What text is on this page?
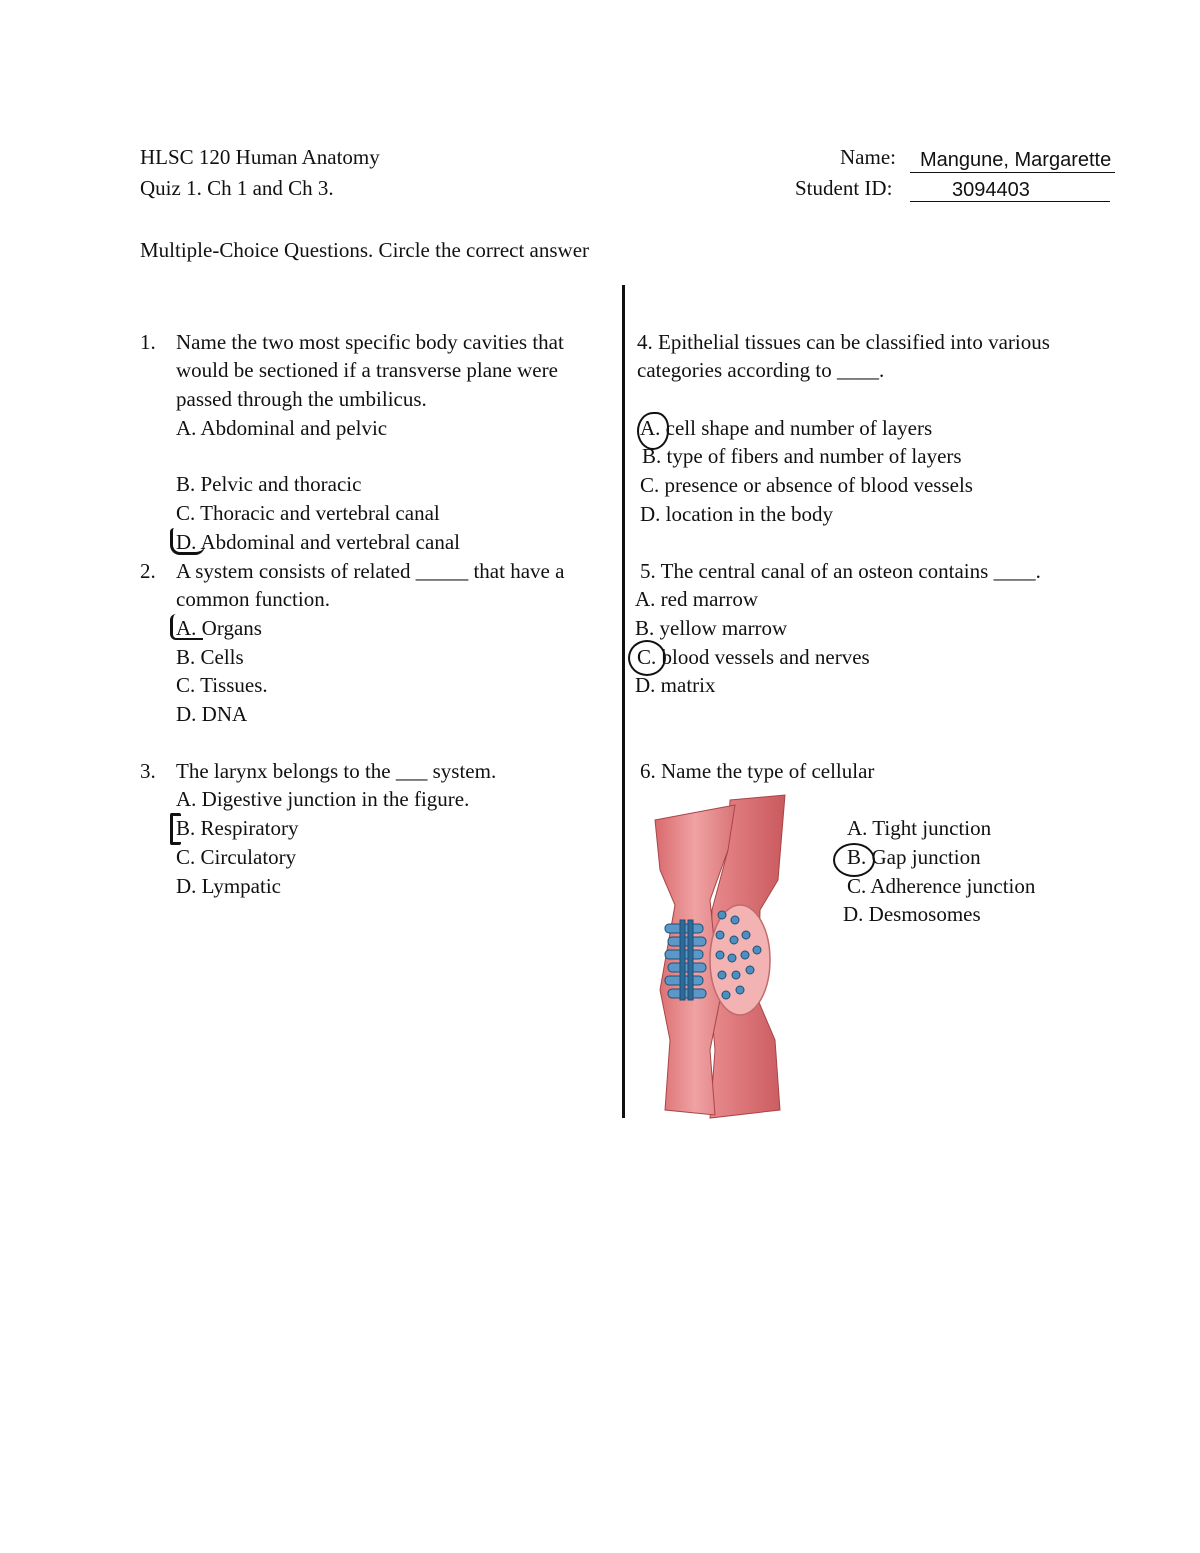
HLSC 120 Human Anatomy
Quiz 1. Ch 1 and Ch 3.
Name: Mangune, Margarette
Student ID:	3094403
Multiple-Choice Questions. Circle the correct answer
1. Name the two most specific body cavities that
would be sectioned if a transverse plane were
passed through the umbilicus.
A. Abdominal and pelvic
B. Pelvic and thoracic
C. Thoracic and vertebral canal
D. Abdominal and vertebral canal
2. A system consists of related _____ that have a
common function.
A. Organs
B. Cells
C. Tissues.
D. DNA
3. The larynx belongs to the ___ system.
A. Digestive junction in the figure.
B. Respiratory
C. Circulatory
D. Lympatic
4. Epithelial tissues can be classified into various
categories according to ____.
A. cell shape and number of layers
B. type of fibers and number of layers
C. presence or absence of blood vessels
D. location in the body
5. The central canal of an osteon contains ____.
A. red marrow
B. yellow marrow
C. blood vessels and nerves
D. matrix
6. Name the type of cellular
A. Tight junction
B. Gap junction
C. Adherence junction
D. Desmosomes
